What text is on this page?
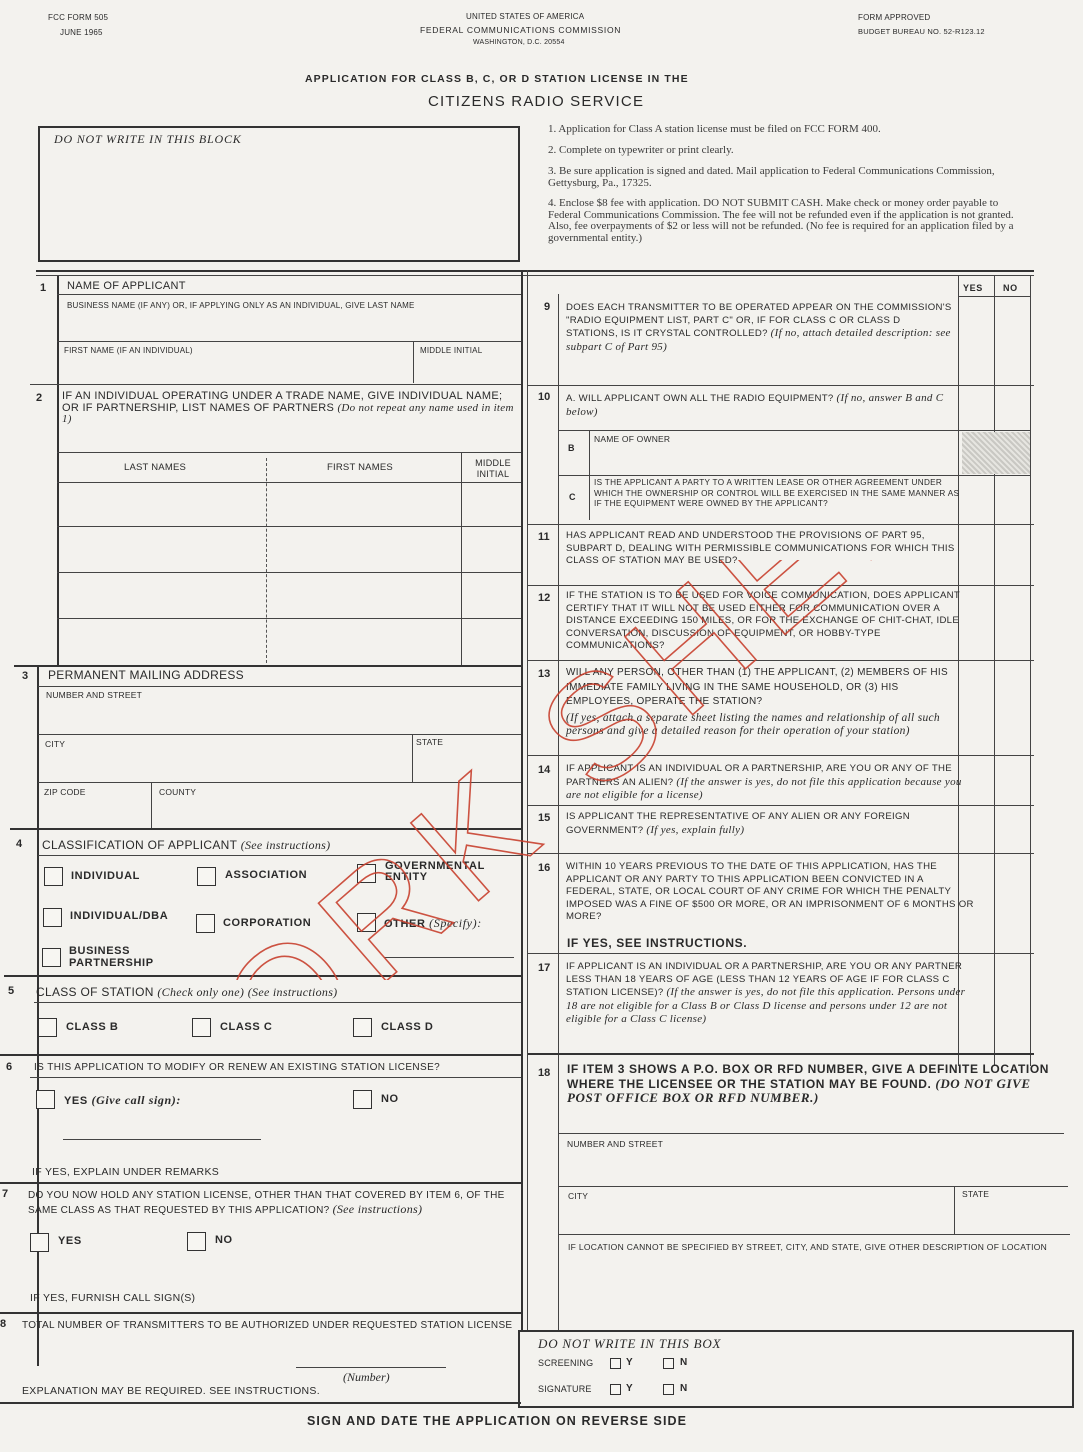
FCC FORM 505
JUNE 1965
UNITED STATES OF AMERICA
FEDERAL COMMUNICATIONS COMMISSION
WASHINGTON, D.C. 20554
FORM APPROVED
BUDGET BUREAU NO. 52-R123.12
APPLICATION FOR CLASS B, C, OR D STATION LICENSE IN THE
CITIZENS RADIO SERVICE
DO NOT WRITE IN THIS BLOCK
1. Application for Class A station license must be filed on FCC FORM 400.
2. Complete on typewriter or print clearly.
3. Be sure application is signed and dated. Mail application to Federal Communications Commission, Gettysburg, Pa., 17325.
4. Enclose $8 fee with application. DO NOT SUBMIT CASH. Make check or money order payable to Federal Communications Commission. The fee will not be refunded even if the application is not granted. Also, fee overpayments of $2 or less will not be refunded. (No fee is required for an application filed by a governmental entity.)
YES NO
1 NAME OF APPLICANT
BUSINESS NAME (IF ANY) OR, IF APPLYING ONLY AS AN INDIVIDUAL, GIVE LAST NAME
FIRST NAME (IF AN INDIVIDUAL)	MIDDLE INITIAL
2 IF AN INDIVIDUAL OPERATING UNDER A TRADE NAME, GIVE INDIVIDUAL NAME; OR IF PARTNERSHIP, LIST NAMES OF PARTNERS (Do not repeat any name used in item 1)
LAST NAMES	FIRST NAMES	MIDDLE INITIAL
3 PERMANENT MAILING ADDRESS
NUMBER AND STREET
CITY	STATE
ZIP CODE	COUNTY
4 CLASSIFICATION OF APPLICANT (See instructions)
INDIVIDUAL	ASSOCIATION
GOVERNMENTAL ENTITY
INDIVIDUAL/DBA
CORPORATION	OTHER (Specify):
BUSINESS PARTNERSHIP
5 CLASS OF STATION (Check only one) (See instructions)
CLASS B	CLASS C	CLASS D
6 IS THIS APPLICATION TO MODIFY OR RENEW AN EXISTING STATION LICENSE?
YES (Give call sign):	NO
IF YES, EXPLAIN UNDER REMARKS
7 DO YOU NOW HOLD ANY STATION LICENSE, OTHER THAN THAT COVERED BY ITEM 6, OF THE SAME CLASS AS THAT REQUESTED BY THIS APPLICATION? (See instructions)
YES	NO
IF YES, FURNISH CALL SIGN(S)
8 TOTAL NUMBER OF TRANSMITTERS TO BE AUTHORIZED UNDER REQUESTED STATION LICENSE
(Number)
EXPLANATION MAY BE REQUIRED. SEE INSTRUCTIONS.
9 DOES EACH TRANSMITTER TO BE OPERATED APPEAR ON THE COMMISSION'S "RADIO EQUIPMENT LIST, PART C" OR, IF FOR CLASS C OR CLASS D STATIONS, IS IT CRYSTAL CONTROLLED? (If no, attach detailed description: see subpart C of Part 95)
10 A. WILL APPLICANT OWN ALL THE RADIO EQUIPMENT? (If no, answer B and C below)
B
NAME OF OWNER
C
IS THE APPLICANT A PARTY TO A WRITTEN LEASE OR OTHER AGREEMENT UNDER WHICH THE OWNERSHIP OR CONTROL WILL BE EXERCISED IN THE SAME MANNER AS IF THE EQUIPMENT WERE OWNED BY THE APPLICANT?
11 HAS APPLICANT READ AND UNDERSTOOD THE PROVISIONS OF PART 95, SUBPART D, DEALING WITH PERMISSIBLE COMMUNICATIONS FOR WHICH THIS CLASS OF STATION MAY BE USED?
12 IF THE STATION IS TO BE USED FOR VOICE COMMUNICATION, DOES APPLICANT CERTIFY THAT IT WILL NOT BE USED EITHER FOR COMMUNICATION OVER A DISTANCE EXCEEDING 150 MILES, OR FOR THE EXCHANGE OF CHIT-CHAT, IDLE CONVERSATION, DISCUSSION OF EQUIPMENT, OR HOBBY-TYPE COMMUNICATIONS?
13 WILL ANY PERSON, OTHER THAN (1) THE APPLICANT, (2) MEMBERS OF HIS IMMEDIATE FAMILY LIVING IN THE SAME HOUSEHOLD, OR (3) HIS EMPLOYEES, OPERATE THE STATION?
(If yes, attach a separate sheet listing the names and relationship of all such persons and give a detailed reason for their operation of your station)
14 IF APPLICANT IS AN INDIVIDUAL OR A PARTNERSHIP, ARE YOU OR ANY OF THE PARTNERS AN ALIEN? (If the answer is yes, do not file this application because you are not eligible for a license)
15 IS APPLICANT THE REPRESENTATIVE OF ANY ALIEN OR ANY FOREIGN GOVERNMENT? (If yes, explain fully)
16 WITHIN 10 YEARS PREVIOUS TO THE DATE OF THIS APPLICATION, HAS THE APPLICANT OR ANY PARTY TO THIS APPLICATION BEEN CONVICTED IN A FEDERAL, STATE, OR LOCAL COURT OF ANY CRIME FOR WHICH THE PENALTY IMPOSED WAS A FINE OF $500 OR MORE, OR AN IMPRISONMENT OF 6 MONTHS OR MORE?
IF YES, SEE INSTRUCTIONS.
17 IF APPLICANT IS AN INDIVIDUAL OR A PARTNERSHIP, ARE YOU OR ANY PARTNER LESS THAN 18 YEARS OF AGE (LESS THAN 12 YEARS OF AGE IF FOR CLASS C STATION LICENSE)? (If the answer is yes, do not file this application. Persons under 18 are not eligible for a Class B or Class D license and persons under 12 are not eligible for a Class C license)
18 IF ITEM 3 SHOWS A P.O. BOX OR RFD NUMBER, GIVE A DEFINITE LOCATION WHERE THE LICENSEE OR THE STATION MAY BE FOUND. (DO NOT GIVE POST OFFICE BOX OR RFD NUMBER.)
NUMBER AND STREET
CITY	STATE
IF LOCATION CANNOT BE SPECIFIED BY STREET, CITY, AND STATE, GIVE OTHER DESCRIPTION OF LOCATION
DO NOT WRITE IN THIS BOX
SCREENING	Y	N
SIGNATURE	Y	N
SIGN AND DATE THE APPLICATION ON REVERSE SIDE
